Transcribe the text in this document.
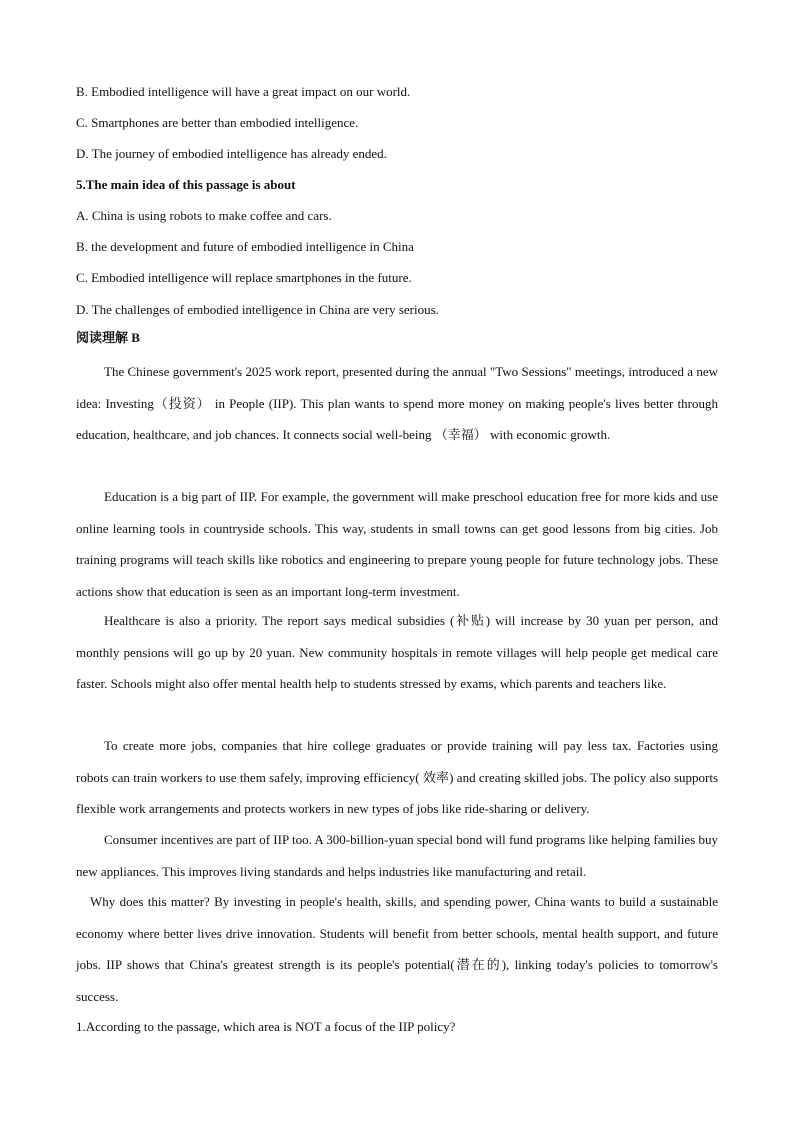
B. Embodied intelligence will have a great impact on our world.
C. Smartphones are better than embodied intelligence.
D. The journey of embodied intelligence has already ended.
5.The main idea of this passage is about
A. China is using robots to make coffee and cars.
B. the development and future of embodied intelligence in China
C. Embodied intelligence will replace smartphones in the future.
D. The challenges of embodied intelligence in China are very serious.
阅读理解 B
The Chinese government's 2025 work report, presented during the annual "Two Sessions" meetings, introduced a new idea: Investing（投资） in People (IIP). This plan wants to spend more money on making people's lives better through education, healthcare, and job chances. It connects social well-being （幸福） with economic growth.
Education is a big part of IIP. For example, the government will make preschool education free for more kids and use online learning tools in countryside schools. This way, students in small towns can get good lessons from big cities. Job training programs will teach skills like robotics and engineering to prepare young people for future technology jobs. These actions show that education is seen as an important long-term investment.
Healthcare is also a priority. The report says medical subsidies (补贴) will increase by 30 yuan per person, and monthly pensions will go up by 20 yuan. New community hospitals in remote villages will help people get medical care faster. Schools might also offer mental health help to students stressed by exams, which parents and teachers like.
To create more jobs, companies that hire college graduates or provide training will pay less tax. Factories using robots can train workers to use them safely, improving efficiency( 效率) and creating skilled jobs. The policy also supports flexible work arrangements and protects workers in new types of jobs like ride-sharing or delivery.
Consumer incentives are part of IIP too. A 300-billion-yuan special bond will fund programs like helping families buy new appliances. This improves living standards and helps industries like manufacturing and retail.
Why does this matter? By investing in people's health, skills, and spending power, China wants to build a sustainable economy where better lives drive innovation. Students will benefit from better schools, mental health support, and future jobs. IIP shows that China's greatest strength is its people's potential(潜在的), linking today's policies to tomorrow's success.
1.According to the passage, which area is NOT a focus of the IIP policy?
